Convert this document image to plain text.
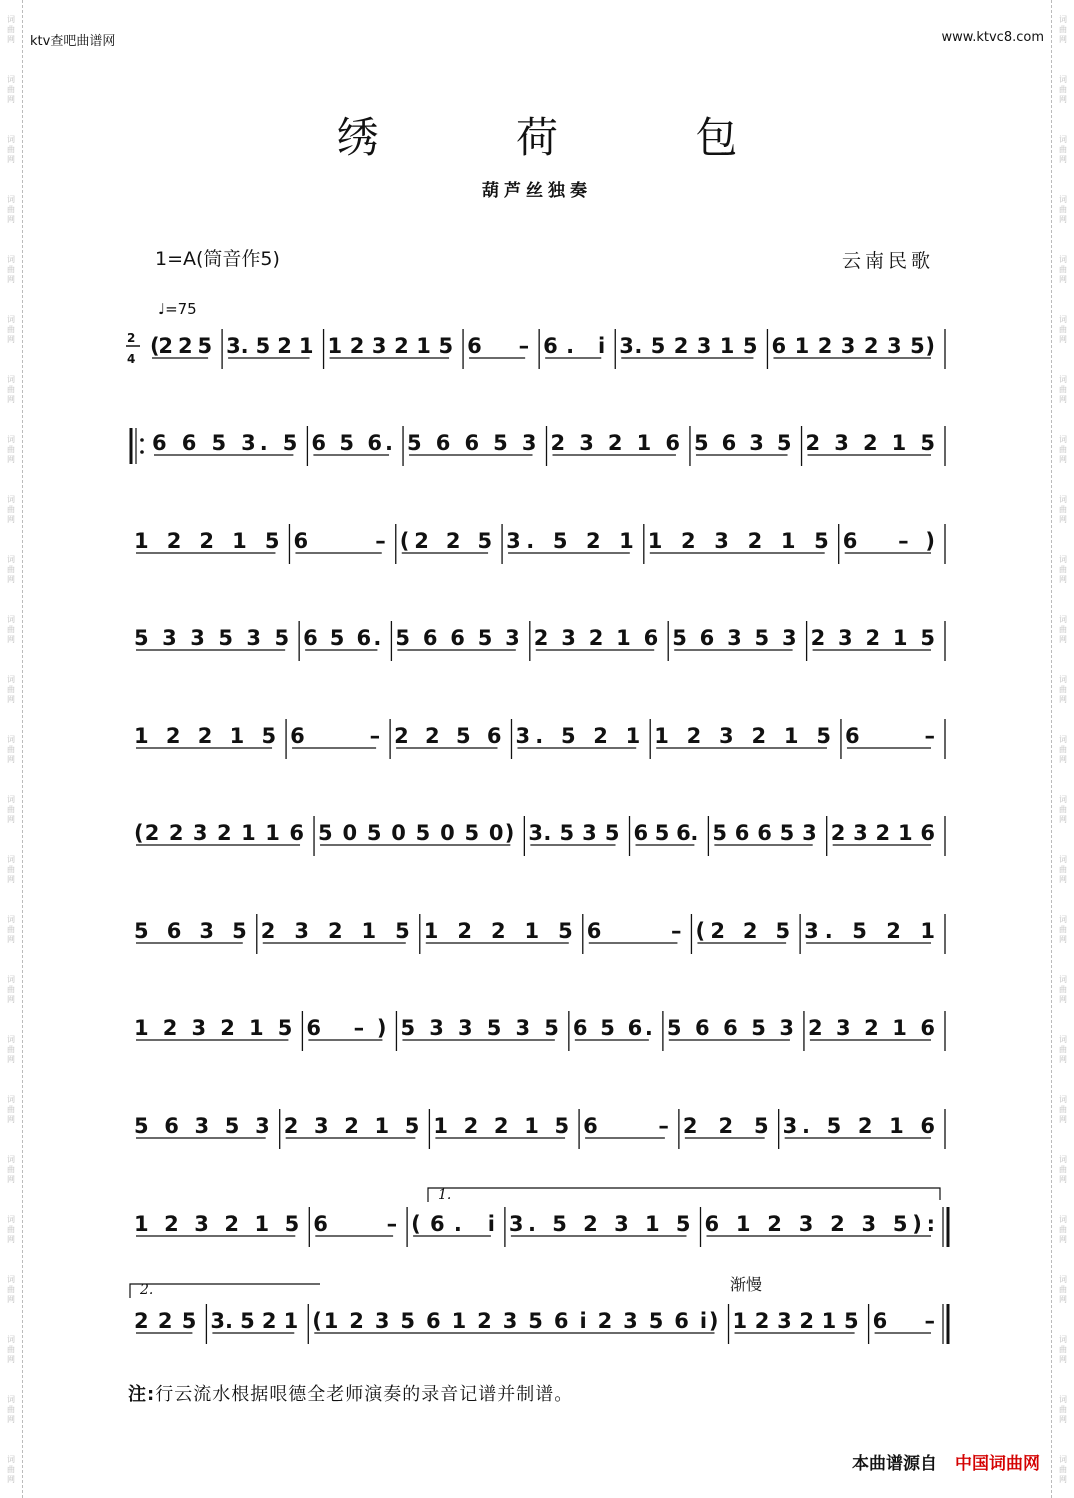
词
曲
网
词
曲
网
词
曲
网
词
曲
网
词
曲
网
词
曲
网
词
曲
网
词
曲
网
词
曲
网
词
曲
网
词
曲
网
词
曲
网
词
曲
网
词
曲
网
词
曲
网
词
曲
网
词
曲
网
词
曲
网
词
曲
网
词
曲
网
词
曲
网
词
曲
网
词
曲
网
词
曲
网
词
曲
网
词
曲
网
词
曲
网
词
曲
网
词
曲
网
词
曲
网
词
曲
网
词
曲
网
词
曲
网
词
曲
网
词
曲
网
词
曲
网
词
曲
网
词
曲
网
词
曲
网
词
曲
网
词
曲
网
词
曲
网
词
曲
网
词
曲
网
词
曲
网
词
曲
网
词
曲
网
词
曲
网
词
曲
网
词
曲
网
ktv查吧曲谱网	www.ktvc8.com
绣 荷 包
葫芦丝独奏
1=A(筒音作5)	云南民歌
♩=75
渐慢
2
4
(2 2 5 3. 5 2 1 1 2 3 2 1 5 6 – 6. i 3. 5 2 3 1 5 6 1 2 3 2 3 5)
6 6 5 3. 5 6 5 6. 5 6 6 5 3 2 3 2 1 6 5 6 3 5 2 3 2 1 5
1 2 2 1 5 6 – (2 2 5 3. 5 2 1 1 2 3 2 1 5 6 –)
5 3 3 5 3 5 6 5 6. 5 6 6 5 3 2 3 2 1 6 5 6 3 5 3 2 3 2 1 5
1 2 2 1 5 6 – 2 2 5 6 3. 5 2 1 1 2 3 2 1 5 6 –
(2 2 3 2 1 1 6 5 0 5 0 5 0 5 0) 3. 5 3 5 6 5 6. 5 6 6 5 3 2 3 2 1 6
5 6 3 5 2 3 2 1 5 1 2 2 1 5 6 – (2 2 5 3. 5 2 1
1 2 3 2 1 5 6 –) 5 3 3 5 3 5 6 5 6. 5 6 6 5 3 2 3 2 1 6
5 6 3 5 3 2 3 2 1 5 1 2 2 1 5 6 – 2 2 5 3. 5 2 1 6
1 2 3 2 1 5 6 – (6. i 3. 5 2 3 1 5 6 1 2 3 2 3 5):
2 2 5 3. 5 2 1 (1 2 3 5 6 1 2 3 5 6 i 2 3 5 6 i) 1 2 3 2 1 5 6 –
1.
2.
注:行云流水根据哏德全老师演奏的录音记谱并制谱。
本曲谱源自 中国词曲网
